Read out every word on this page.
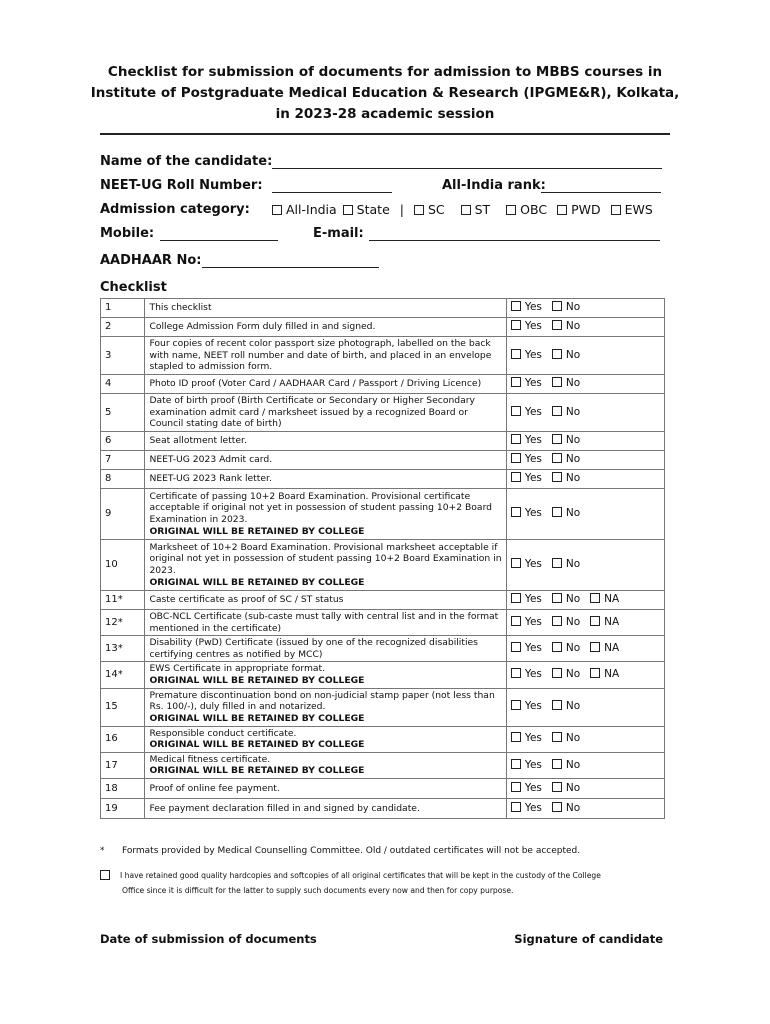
Checklist for submission of documents for admission to MBBS courses in
Institute of Postgraduate Medical Education & Research (IPGME&R), Kolkata,
in 2023-28 academic session
Name of the candidate:
NEET-UG Roll Number:	All-India rank:
Admission category:	All-India State | SC ST OBC PWD EWS
Mobile:	E-mail:
AADHAAR No:
Checklist
1	This checklist	Yes No
2	College Admission Form duly filled in and signed.	Yes No
3	Four copies of recent color passport size photograph, labelled on the back with name, NEET roll number and date of birth, and placed in an envelope stapled to admission form.	Yes No
4	Photo ID proof (Voter Card / AADHAAR Card / Passport / Driving Licence)	Yes No
5	Date of birth proof (Birth Certificate or Secondary or Higher Secondary examination admit card / marksheet issued by a recognized Board or Council stating date of birth)	Yes No
6	Seat allotment letter.	Yes No
7	NEET-UG 2023 Admit card.	Yes No
8	NEET-UG 2023 Rank letter.	Yes No
9	Certificate of passing 10+2 Board Examination. Provisional certificate acceptable if original not yet in possession of student passing 10+2 Board Examination in 2023.
ORIGINAL WILL BE RETAINED BY COLLEGE	Yes No
10	Marksheet of 10+2 Board Examination. Provisional marksheet acceptable if original not yet in possession of student passing 10+2 Board Examination in 2023.
ORIGINAL WILL BE RETAINED BY COLLEGE	Yes No
11*	Caste certificate as proof of SC / ST status	Yes No NA
12*	OBC-NCL Certificate (sub-caste must tally with central list and in the format mentioned in the certificate)	Yes No NA
13*	Disability (PwD) Certificate (issued by one of the recognized disabilities certifying centres as notified by MCC)	Yes No NA
14*	EWS Certificate in appropriate format.
ORIGINAL WILL BE RETAINED BY COLLEGE	Yes No NA
15	Premature discontinuation bond on non-judicial stamp paper (not less than Rs. 100/-), duly filled in and notarized.
ORIGINAL WILL BE RETAINED BY COLLEGE	Yes No
16	Responsible conduct certificate.
ORIGINAL WILL BE RETAINED BY COLLEGE	Yes No
17	Medical fitness certificate.
ORIGINAL WILL BE RETAINED BY COLLEGE	Yes No
18	Proof of online fee payment.	Yes No
19	Fee payment declaration filled in and signed by candidate.	Yes No
* Formats provided by Medical Counselling Committee. Old / outdated certificates will not be accepted.
I have retained good quality hardcopies and softcopies of all original certificates that will be kept in the custody of the College
Office since it is difficult for the latter to supply such documents every now and then for copy purpose.
Date of submission of documents	Signature of candidate
